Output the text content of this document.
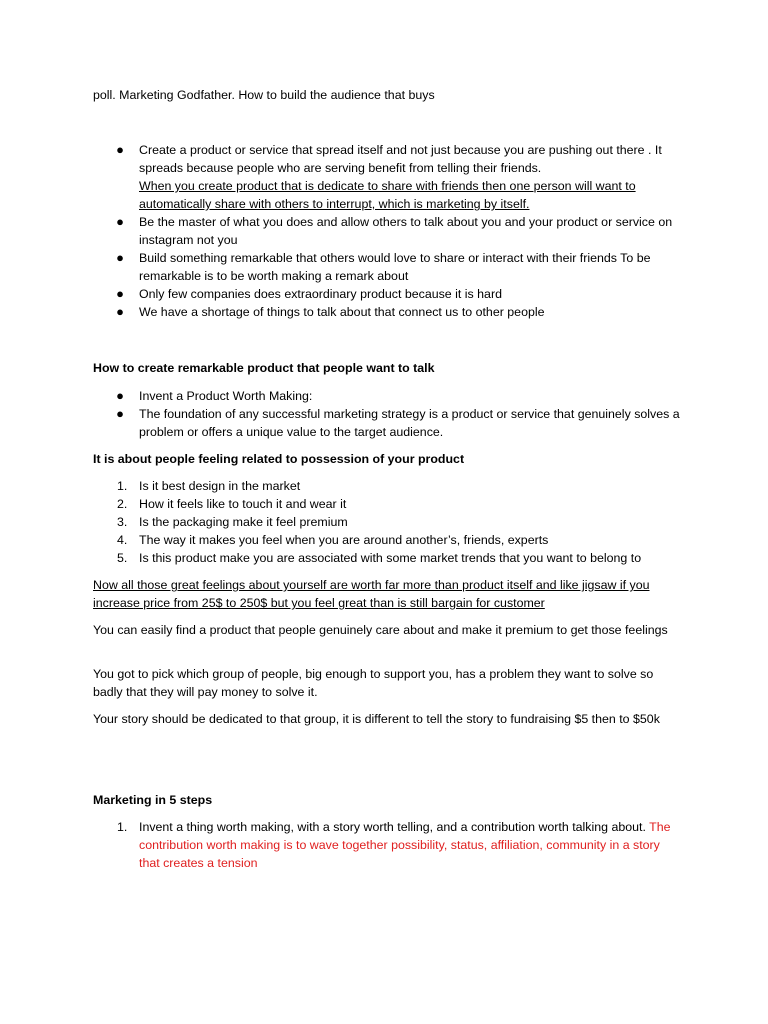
poll. Marketing Godfather. How to build the audience that buys

● Create a product or service that spread itself and not just because you are pushing out there . It spreads because people who are serving benefit from telling their friends.
When you create product that is dedicate to share with friends then one person will want to automatically share with others to interrupt, which is marketing by itself.
● Be the master of what you does and allow others to talk about you and your product or service on instagram not you
● Build something remarkable that others would love to share or interact with their friends To be remarkable is to be worth making a remark about
● Only few companies does extraordinary product because it is hard
● We have a shortage of things to talk about that connect us to other people

How to create remarkable product that people want to talk

● Invent a Product Worth Making:
● The foundation of any successful marketing strategy is a product or service that genuinely solves a problem or offers a unique value to the target audience.

It is about people feeling related to possession of your product

1. Is it best design in the market
2. How it feels like to touch it and wear it
3. Is the packaging make it feel premium
4. The way it makes you feel when you are around another’s, friends, experts
5. Is this product make you are associated with some market trends that you want to belong to

Now all those great feelings about yourself are worth far more than product itself and like jigsaw if you increase price from 25$ to 250$ but you feel great than is still bargain for customer

You can easily find a product that people genuinely care about and make it premium to get those feelings

You got to pick which group of people, big enough to support you, has a problem they want to solve so badly that they will pay money to solve it.

Your story should be dedicated to that group, it is different to tell the story to fundraising $5 then to $50k

Marketing in 5 steps

1. Invent a thing worth making, with a story worth telling, and a contribution worth talking about. The contribution worth making is to wave together possibility, status, affiliation, community in a story that creates a tension
